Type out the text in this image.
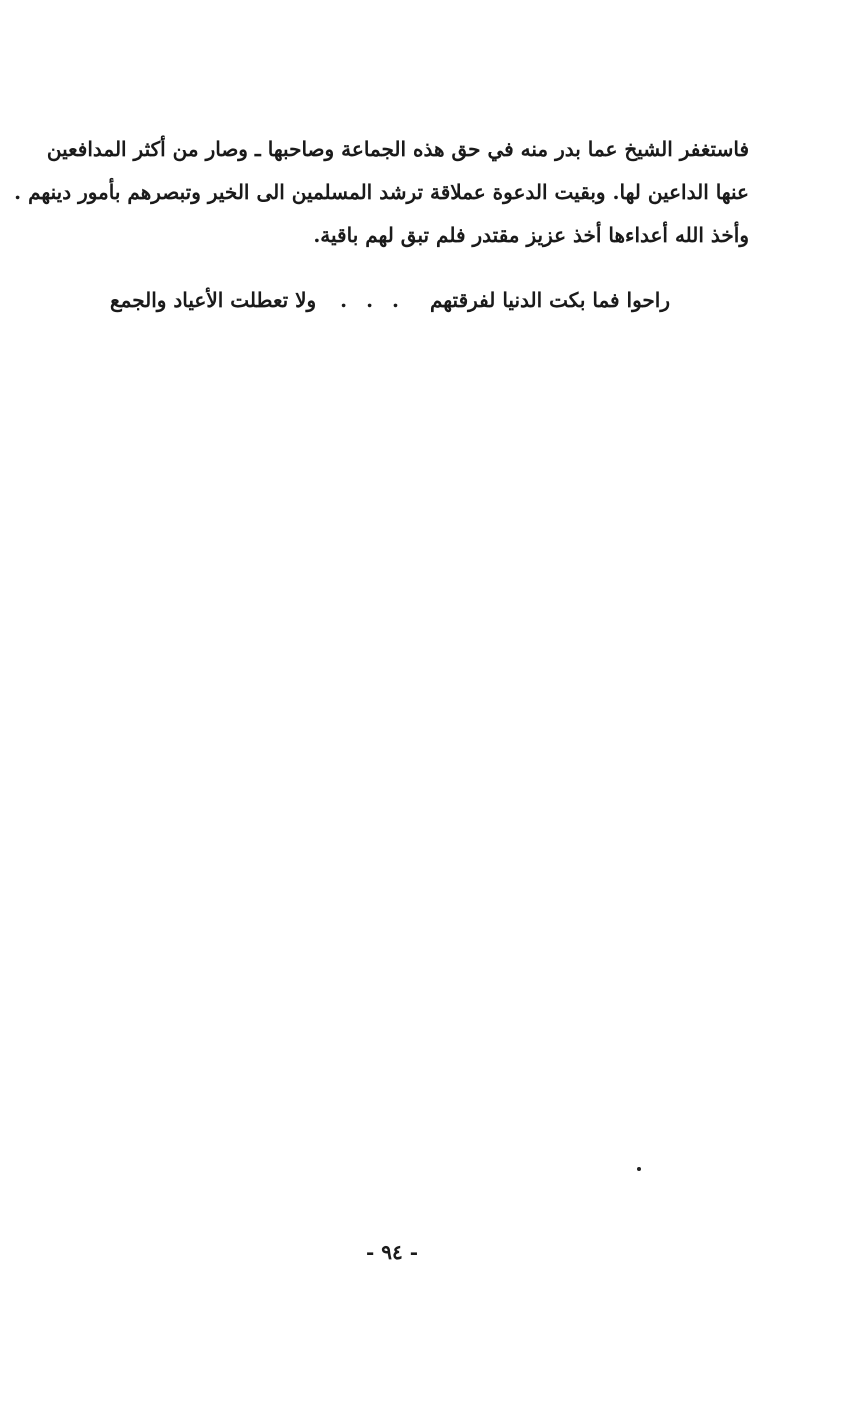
فاستغفر الشيخ عما بدر منه في حق هذه الجماعة وصاحبها ـ وصار من أكثر المدافعين
عنها الداعين لها. وبقيت الدعوة عملاقة ترشد المسلمين الى الخير وتبصرهم بأمور دينهم .
وأخذ الله أعداءها أخذ عزيز مقتدر فلم تبق لهم باقية.
راحوا فما بكت الدنيا لفرقتهم
. . .
ولا تعطلت الأعياد والجمع
- ٩٤ -
